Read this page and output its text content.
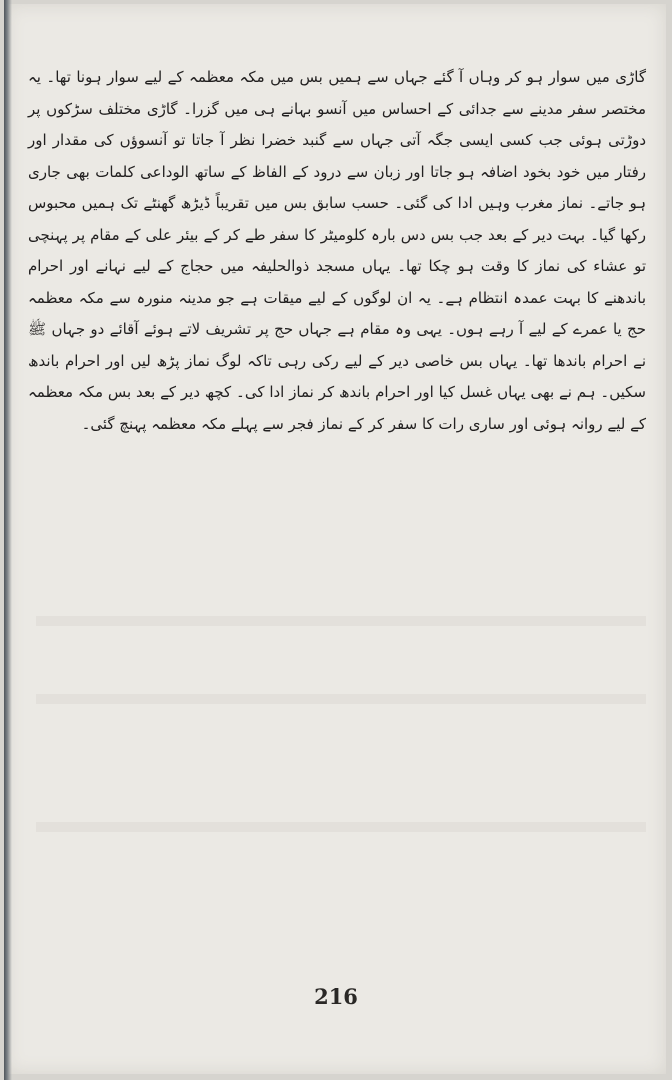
گاڑی میں سوار ہو کر وہاں آ گئے جہاں سے ہمیں بس میں مکہ معظمہ کے لیے سوار ہونا تھا۔ یہ مختصر سفر مدینے سے جدائی کے احساس میں آنسو بہانے ہی میں گزرا۔ گاڑی مختلف سڑکوں پر دوڑتی ہوئی جب کسی ایسی جگہ آتی جہاں سے گنبد خضرا نظر آ جاتا تو آنسوؤں کی مقدار اور رفتار میں خود بخود اضافہ ہو جاتا اور زبان سے درود کے الفاظ کے ساتھ الوداعی کلمات بھی جاری ہو جاتے۔ نماز مغرب وہیں ادا کی گئی۔ حسب سابق بس میں تقریباً ڈیڑھ گھنٹے تک ہمیں محبوس رکھا گیا۔ بہت دیر کے بعد جب بس دس بارہ کلومیٹر کا سفر طے کر کے بیئر علی کے مقام پر پہنچی تو عشاء کی نماز کا وقت ہو چکا تھا۔ یہاں مسجد ذوالحلیفہ میں حجاج کے لیے نہانے اور احرام باندھنے کا بہت عمدہ انتظام ہے۔ یہ ان لوگوں کے لیے میقات ہے جو مدینہ منورہ سے مکہ معظمہ حج یا عمرے کے لیے آ رہے ہوں۔ یہی وہ مقام ہے جہاں حج پر تشریف لاتے ہوئے آقائے دو جہاں ﷺ نے احرام باندھا تھا۔ یہاں بس خاصی دیر کے لیے رکی رہی تاکہ لوگ نماز پڑھ لیں اور احرام باندھ سکیں۔ ہم نے بھی یہاں غسل کیا اور احرام باندھ کر نماز ادا کی۔ کچھ دیر کے بعد بس مکہ معظمہ کے لیے روانہ ہوئی اور ساری رات کا سفر کر کے نماز فجر سے پہلے مکہ معظمہ پہنچ گئی۔

216
